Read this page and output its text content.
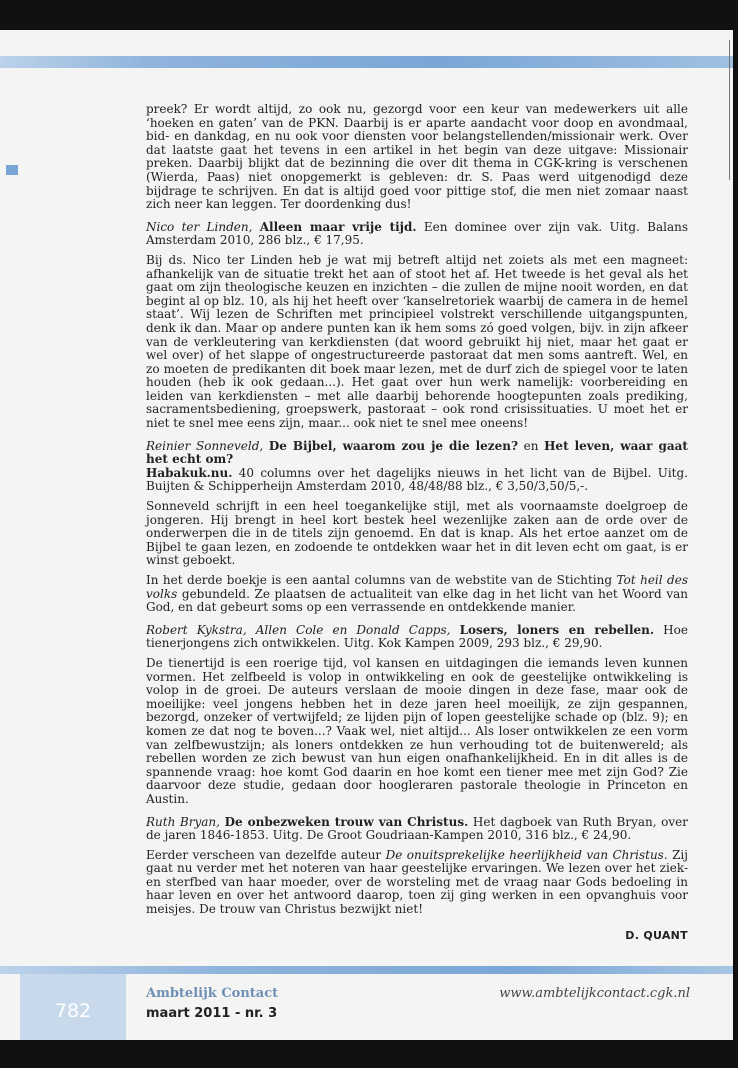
preek? Er wordt altijd, zo ook nu, gezorgd voor een keur van medewerkers uit alle ‘hoeken en gaten’ van de PKN. Daarbij is er aparte aandacht voor doop en avondmaal, bid- en dankdag, en nu ook voor diensten voor belangstellenden/missionair werk. Over dat laatste gaat het tevens in een artikel in het begin van deze uitgave: Missionair preken. Daarbij blijkt dat de bezinning die over dit thema in CGK-kring is verschenen (Wierda, Paas) niet onopgemerkt is gebleven: dr. S. Paas werd uitgenodigd deze bijdrage te schrijven. En dat is altijd goed voor pittige stof, die men niet zomaar naast zich neer kan leggen. Ter doordenking dus!

Nico ter Linden, Alleen maar vrije tijd. Een dominee over zijn vak. Uitg. Balans Amsterdam 2010, 286 blz., € 17,95.

Bij ds. Nico ter Linden heb je wat mij betreft altijd net zoiets als met een magneet: afhankelijk van de situatie trekt het aan of stoot het af. Het tweede is het geval als het gaat om zijn theologische keuzen en inzichten – die zullen de mijne nooit worden, en dat begint al op blz. 10, als hij het heeft over ‘kanselretoriek waarbij de camera in de hemel staat’. Wij lezen de Schriften met principieel volstrekt verschillende uitgangspunten, denk ik dan. Maar op andere punten kan ik hem soms zó goed volgen, bijv. in zijn afkeer van de verkleutering van kerkdiensten (dat woord gebruikt hij niet, maar het gaat er wel over) of het slappe of ongestructureerde pastoraat dat men soms aantreft. Wel, en zo moeten de predikanten dit boek maar lezen, met de durf zich de spiegel voor te laten houden (heb ik ook gedaan...). Het gaat over hun werk namelijk: voorbereiding en leiden van kerkdiensten – met alle daarbij behorende hoogtepunten zoals prediking, sacramentsbediening, groepswerk, pastoraat – ook rond crisissituaties. U moet het er niet te snel mee eens zijn, maar... ook niet te snel mee oneens!

Reinier Sonneveld, De Bijbel, waarom zou je die lezen? en Het leven, waar gaat het echt om?
Habakuk.nu. 40 columns over het dagelijks nieuws in het licht van de Bijbel. Uitg. Buijten & Schipperheijn Amsterdam 2010, 48/48/88 blz., € 3,50/3,50/5,-.

Sonneveld schrijft in een heel toegankelijke stijl, met als voornaamste doelgroep de jongeren. Hij brengt in heel kort bestek heel wezenlijke zaken aan de orde over de onderwerpen die in de titels zijn genoemd. En dat is knap. Als het ertoe aanzet om de Bijbel te gaan lezen, en zodoende te ontdekken waar het in dit leven echt om gaat, is er winst geboekt.

In het derde boekje is een aantal columns van de webstite van de Stichting Tot heil des volks gebundeld. Ze plaatsen de actualiteit van elke dag in het licht van het Woord van God, en dat gebeurt soms op een verrassende en ontdekkende manier.

Robert Kykstra, Allen Cole en Donald Capps, Losers, loners en rebellen. Hoe tienerjongens zich ontwikkelen. Uitg. Kok Kampen 2009, 293 blz., € 29,90.

De tienertijd is een roerige tijd, vol kansen en uitdagingen die iemands leven kunnen vormen. Het zelfbeeld is volop in ontwikkeling en ook de geestelijke ontwikkeling is volop in de groei. De auteurs verslaan de mooie dingen in deze fase, maar ook de moeilijke: veel jongens hebben het in deze jaren heel moeilijk, ze zijn gespannen, bezorgd, onzeker of vertwijfeld; ze lijden pijn of lopen geestelijke schade op (blz. 9); en komen ze dat nog te boven...? Vaak wel, niet altijd... Als loser ontwikkelen ze een vorm van zelfbewustzijn; als loners ontdekken ze hun verhouding tot de buitenwereld; als rebellen worden ze zich bewust van hun eigen onafhankelijkheid. En in dit alles is de spannende vraag: hoe komt God daarin en hoe komt een tiener mee met zijn God? Zie daarvoor deze studie, gedaan door hoogleraren pastorale theologie in Princeton en Austin.

Ruth Bryan, De onbezweken trouw van Christus. Het dagboek van Ruth Bryan, over de jaren 1846-1853. Uitg. De Groot Goudriaan-Kampen 2010, 316 blz., € 24,90.

Eerder verscheen van dezelfde auteur De onuitsprekelijke heerlijkheid van Christus. Zij gaat nu verder met het noteren van haar geestelijke ervaringen. We lezen over het ziek- en sterfbed van haar moeder, over de worsteling met de vraag naar Gods bedoeling in haar leven en over het antwoord daarop, toen zij ging werken in een opvanghuis voor meisjes. De trouw van Christus bezwijkt niet!

D. QUANT
782
Ambtelijk Contact
maart 2011 - nr. 3
www.ambtelijkcontact.cgk.nl
